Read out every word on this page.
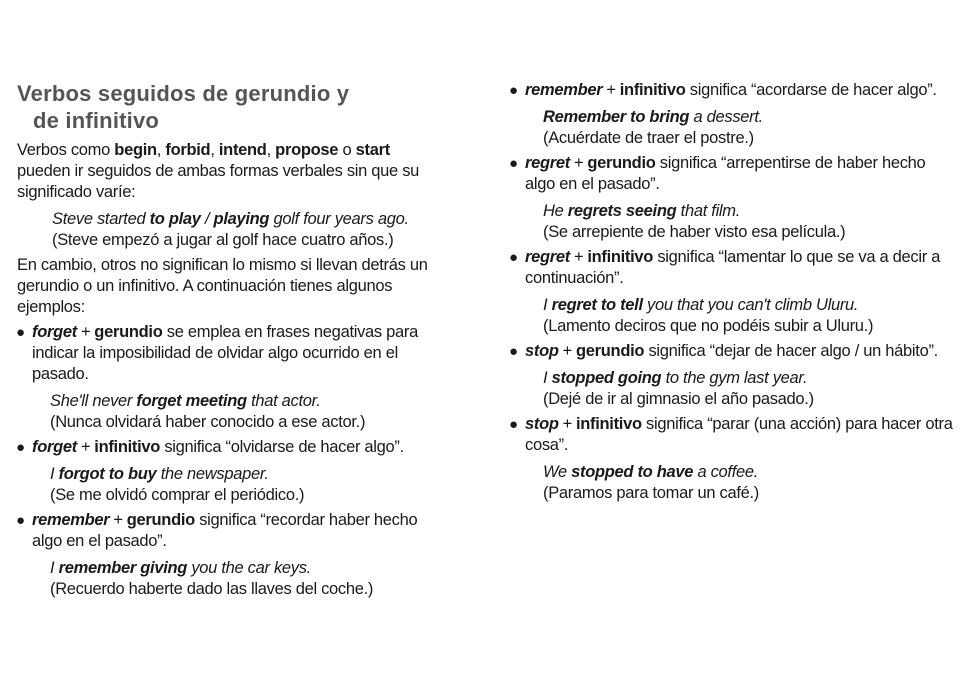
Verbos seguidos de gerundio y
de infinitivo

Verbos como begin, forbid, intend, propose o start pueden ir seguidos de ambas formas verbales sin que su significado varíe:

Steve started to play / playing golf four years ago.
(Steve empezó a jugar al golf hace cuatro años.)

En cambio, otros no significan lo mismo si llevan detrás un gerundio o un infinitivo. A continuación tienes algunos ejemplos:

● forget + gerundio se emplea en frases negativas para indicar la imposibilidad de olvidar algo ocurrido en el pasado.
She'll never forget meeting that actor.
(Nunca olvidará haber conocido a ese actor.)
● forget + infinitivo significa “olvidarse de hacer algo”.
I forgot to buy the newspaper.
(Se me olvidó comprar el periódico.)
● remember + gerundio significa “recordar haber hecho algo en el pasado”.
I remember giving you the car keys.
(Recuerdo haberte dado las llaves del coche.)
● remember + infinitivo significa “acordarse de hacer algo”.
Remember to bring a dessert.
(Acuérdate de traer el postre.)
● regret + gerundio significa “arrepentirse de haber hecho algo en el pasado”.
He regrets seeing that film.
(Se arrepiente de haber visto esa película.)
● regret + infinitivo significa “lamentar lo que se va a decir a continuación”.
I regret to tell you that you can't climb Uluru.
(Lamento deciros que no podéis subir a Uluru.)
● stop + gerundio significa “dejar de hacer algo / un hábito”.
I stopped going to the gym last year.
(Dejé de ir al gimnasio el año pasado.)
● stop + infinitivo significa “parar (una acción) para hacer otra cosa”.
We stopped to have a coffee.
(Paramos para tomar un café.)
